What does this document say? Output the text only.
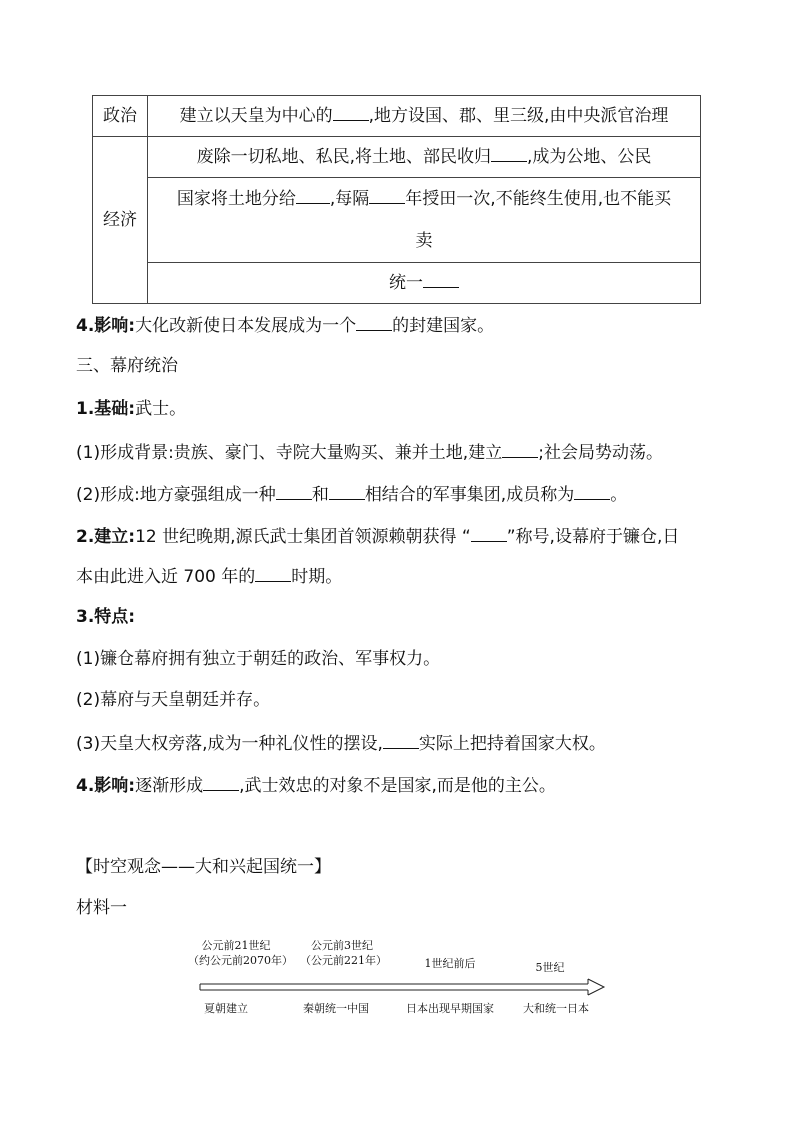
政治	建立以天皇为中心的 ,地方设国、郡、里三级,由中央派官治理
经济	废除一切私地、私民,将土地、部民收归 ,成为公地、公民
	国家将土地分给 ,每隔 年授田一次,不能终生使用,也不能买
卖
	统一
4.影响:大化改新使日本发展成为一个 的封建国家。
三、幕府统治
1.基础:武士。
(1)形成背景:贵族、豪门、寺院大量购买、兼并土地,建立 ;社会局势动荡。
(2)形成:地方豪强组成一种 和 相结合的军事集团,成员称为 。
2.建立:12 世纪晚期,源氏武士集团首领源赖朝获得 “ ”称号,设幕府于镰仓,日
本由此进入近 700 年的 时期。
3.特点:
(1)镰仓幕府拥有独立于朝廷的政治、军事权力。
(2)幕府与天皇朝廷并存。
(3)天皇大权旁落,成为一种礼仪性的摆设, 实际上把持着国家大权。
4.影响:逐渐形成 ,武士效忠的对象不是国家,而是他的主公。
【时空观念——大和兴起国统一】
材料一
公元前21世纪
（约公元前2070年）
夏朝建立
公元前3世纪
（公元前221年）
秦朝统一中国
1世纪前后
日本出现早期国家
5世纪
大和统一日本
